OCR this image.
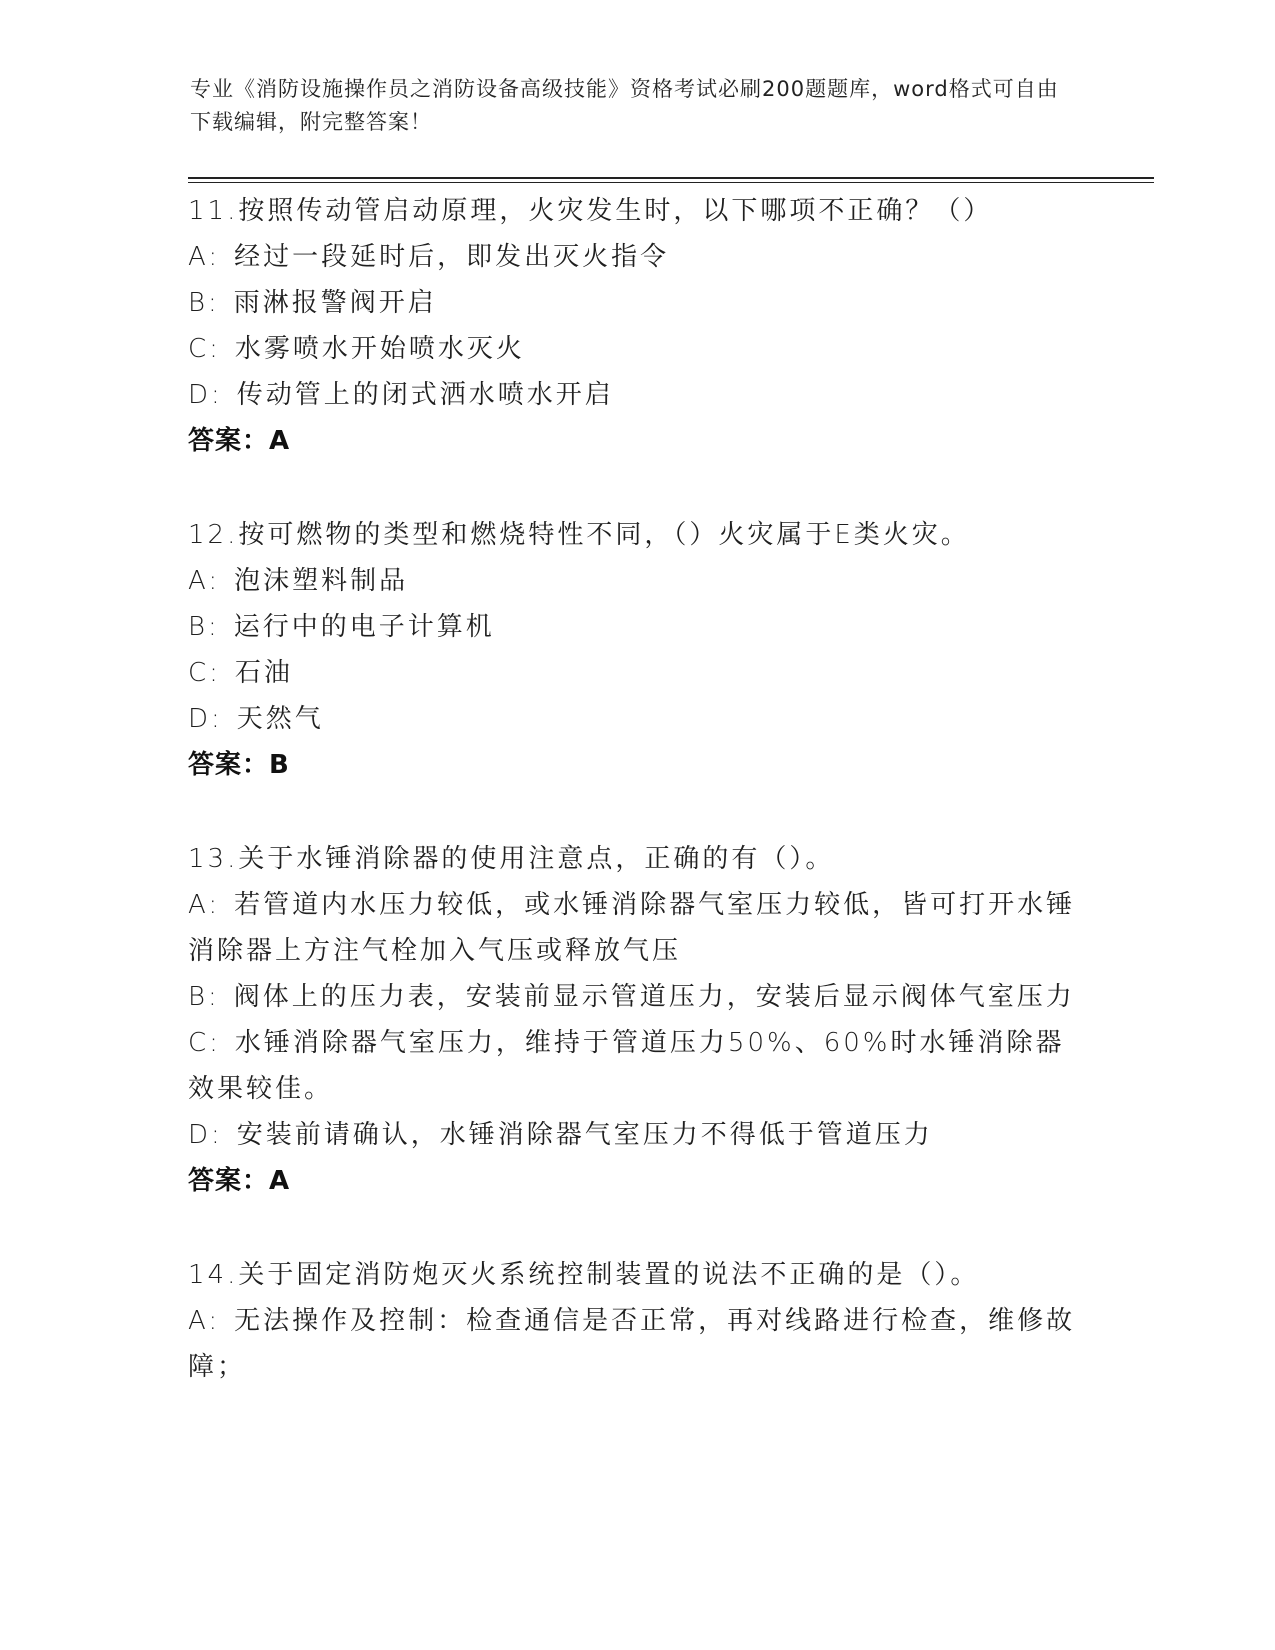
专业《消防设施操作员之消防设备高级技能》资格考试必刷200题题库，word格式可自由下载编辑，附完整答案！
11.按照传动管启动原理，火灾发生时，以下哪项不正确？（）
A: 经过一段延时后，即发出灭火指令
B: 雨淋报警阀开启
C: 水雾喷水开始喷水灭火
D: 传动管上的闭式洒水喷水开启
答案：A
12.按可燃物的类型和燃烧特性不同，（）火灾属于E类火灾。
A: 泡沫塑料制品
B: 运行中的电子计算机
C: 石油
D: 天然气
答案：B
13.关于水锤消除器的使用注意点，正确的有（）。
A: 若管道内水压力较低，或水锤消除器气室压力较低，皆可打开水锤消除器上方注气栓加入气压或释放气压
B: 阀体上的压力表，安装前显示管道压力，安装后显示阀体气室压力
C: 水锤消除器气室压力，维持于管道压力50%、60%时水锤消除器效果较佳。
D: 安装前请确认，水锤消除器气室压力不得低于管道压力
答案：A
14.关于固定消防炮灭火系统控制装置的说法不正确的是（）。
A: 无法操作及控制：检查通信是否正常，再对线路进行检查，维修故障；
